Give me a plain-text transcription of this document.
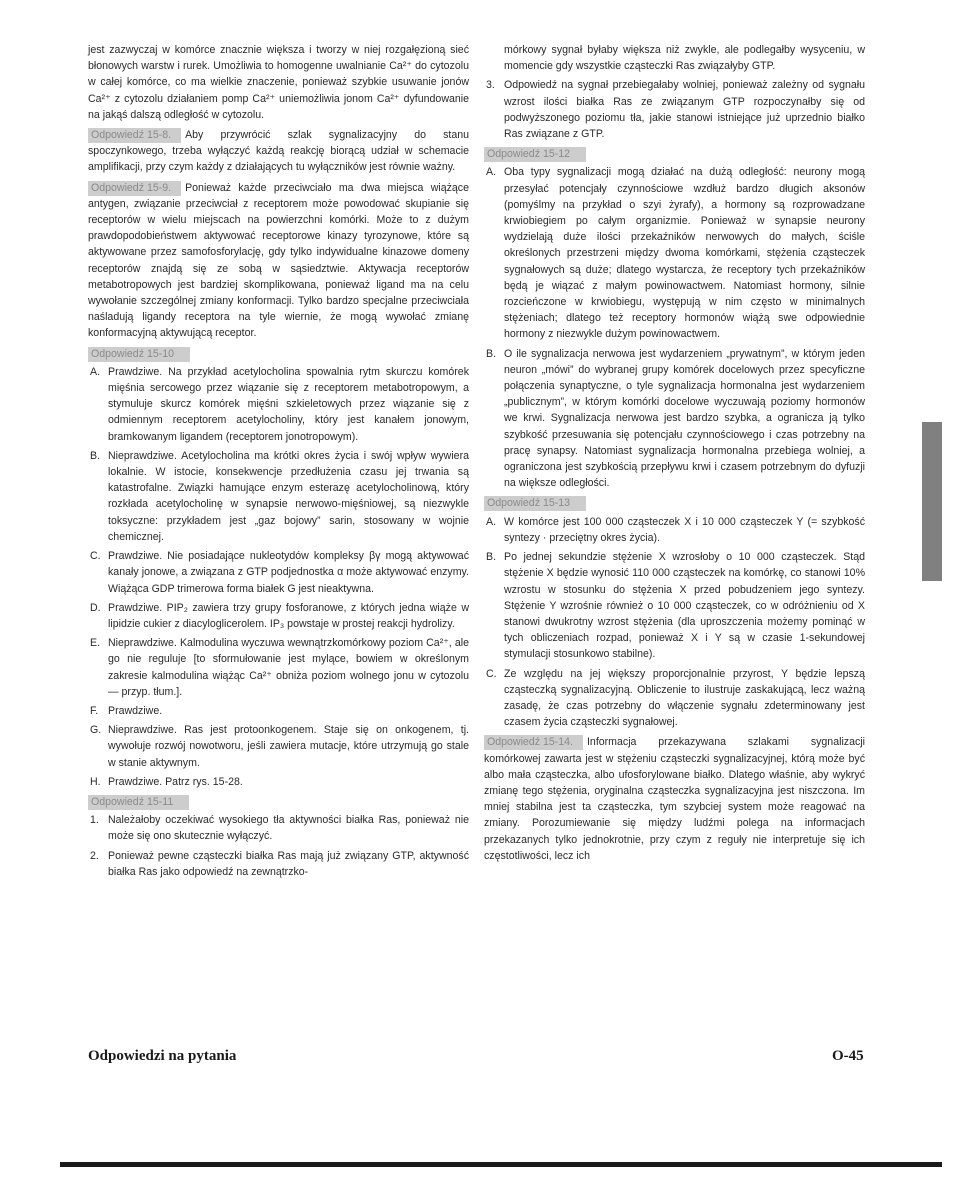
jest zazwyczaj w komórce znacznie większa i tworzy w niej rozgałęzioną sieć błonowych warstw i rurek. Umożliwia to homogenne uwalnianie Ca²⁺ do cytozolu w całej komórce, co ma wielkie znaczenie, ponieważ szybkie usuwanie jonów Ca²⁺ z cytozolu działaniem pomp Ca²⁺ uniemożliwia jonom Ca²⁺ dyfundowanie na jakąś dalszą odległość w cytozolu.

Odpowiedź 15-8. Aby przywrócić szlak sygnalizacyjny do stanu spoczynkowego, trzeba wyłączyć każdą reakcję biorącą udział w schemacie amplifikacji, przy czym każdy z działających tu wyłączników jest równie ważny.

Odpowiedź 15-9. Ponieważ każde przeciwciało ma dwa miejsca wiążące antygen, związanie przeciwciał z receptorem może powodować skupianie się receptorów w wielu miejscach na powierzchni komórki. Może to z dużym prawdopodobieństwem aktywować receptorowe kinazy tyrozynowe, które są aktywowane przez samofosforylację, gdy tylko indywidualne kinazowe domeny receptorów znajdą się ze sobą w sąsiedztwie. Aktywacja receptorów metabotropowych jest bardziej skomplikowana, ponieważ ligand ma na celu wywołanie szczególnej zmiany konformacji. Tylko bardzo specjalne przeciwciała naśladują ligandy receptora na tyle wiernie, że mogą wywołać zmianę konformacyjną aktywującą receptor.

Odpowiedź 15-10
A. Prawdziwe. Na przykład acetylocholina spowalnia rytm skurczu komórek mięśnia sercowego przez wiązanie się z receptorem metabotropowym, a stymuluje skurcz komórek mięśni szkieletowych przez wiązanie się z odmiennym receptorem acetylocholiny, który jest kanałem jonowym, bramkowanym ligandem (receptorem jonotropowym).
B. Nieprawdziwe. Acetylocholina ma krótki okres życia i swój wpływ wywiera lokalnie. W istocie, konsekwencje przedłużenia czasu jej trwania są katastrofalne. Związki hamujące enzym esterazę acetylocholinową, który rozkłada acetylocholinę w synapsie nerwowo-mięśniowej, są niezwykle toksyczne: przykładem jest „gaz bojowy” sarin, stosowany w wojnie chemicznej.
C. Prawdziwe. Nie posiadające nukleotydów kompleksy βγ mogą aktywować kanały jonowe, a związana z GTP podjednostka α może aktywować enzymy. Wiążąca GDP trimerowa forma białek G jest nieaktywna.
D. Prawdziwe. PIP₂ zawiera trzy grupy fosforanowe, z których jedna wiąże w lipidzie cukier z diacyloglicerolem. IP₃ powstaje w prostej reakcji hydrolizy.
E. Nieprawdziwe. Kalmodulina wyczuwa wewnątrzkomórkowy poziom Ca²⁺, ale go nie reguluje [to sformułowanie jest mylące, bowiem w określonym zakresie kalmodulina wiążąc Ca²⁺ obniża poziom wolnego jonu w cytozolu — przyp. tłum.].
F. Prawdziwe.
G. Nieprawdziwe. Ras jest protoonkogenem. Staje się on onkogenem, tj. wywołuje rozwój nowotworu, jeśli zawiera mutacje, które utrzymują go stale w stanie aktywnym.
H. Prawdziwe. Patrz rys. 15-28.
Odpowiedź 15-11
1. Należałoby oczekiwać wysokiego tła aktywności białka Ras, ponieważ nie może się ono skutecznie wyłączyć.
2. Ponieważ pewne cząsteczki białka Ras mają już związany GTP, aktywność białka Ras jako odpowiedź na zewnątrzko-
mórkowy sygnał byłaby większa niż zwykle, ale podlegałby wysyceniu, w momencie gdy wszystkie cząsteczki Ras związałyby GTP.
3. Odpowiedź na sygnał przebiegałaby wolniej, ponieważ zależny od sygnału wzrost ilości białka Ras ze związanym GTP rozpoczynałby się od podwyższonego poziomu tła, jakie stanowi istniejące już uprzednio białko Ras związane z GTP.
Odpowiedź 15-12
A. Oba typy sygnalizacji mogą działać na dużą odległość: neurony mogą przesyłać potencjały czynnościowe wzdłuż bardzo długich aksonów (pomyślmy na przykład o szyi żyrafy), a hormony są rozprowadzane krwiobiegiem po całym organizmie. Ponieważ w synapsie neurony wydzielają duże ilości przekaźników nerwowych do małych, ściśle określonych przestrzeni między dwoma komórkami, stężenia cząsteczek sygnałowych są duże; dlatego wystarcza, że receptory tych przekaźników będą je wiązać z małym powinowactwem. Natomiast hormony, silnie rozcieńczone w krwiobiegu, występują w nim często w minimalnych stężeniach; dlatego też receptory hormonów wiążą swe odpowiednie hormony z niezwykle dużym powinowactwem.
B. O ile sygnalizacja nerwowa jest wydarzeniem „prywatnym”, w którym jeden neuron „mówi” do wybranej grupy komórek docelowych przez specyficzne połączenia synaptyczne, o tyle sygnalizacja hormonalna jest wydarzeniem „publicznym”, w którym komórki docelowe wyczuwają poziomy hormonów we krwi. Sygnalizacja nerwowa jest bardzo szybka, a ogranicza ją tylko szybkość przesuwania się potencjału czynnościowego i czas potrzebny na pracę synapsy. Natomiast sygnalizacja hormonalna przebiega wolniej, a ograniczona jest szybkością przepływu krwi i czasem potrzebnym do dyfuzji na większe odległości.
Odpowiedź 15-13
A. W komórce jest 100 000 cząsteczek X i 10 000 cząsteczek Y (= szybkość syntezy · przeciętny okres życia).
B. Po jednej sekundzie stężenie X wzrosłoby o 10 000 cząsteczek. Stąd stężenie X będzie wynosić 110 000 cząsteczek na komórkę, co stanowi 10% wzrostu w stosunku do stężenia X przed pobudzeniem jego syntezy. Stężenie Y wzrośnie również o 10 000 cząsteczek, co w odróżnieniu od X stanowi dwukrotny wzrost stężenia (dla uproszczenia możemy pominąć w tych obliczeniach rozpad, ponieważ X i Y są w czasie 1-sekundowej stymulacji stosunkowo stabilne).
C. Ze względu na jej większy proporcjonalnie przyrost, Y będzie lepszą cząsteczką sygnalizacyjną. Obliczenie to ilustruje zaskakującą, lecz ważną zasadę, że czas potrzebny do włączenie sygnału zdeterminowany jest czasem życia cząsteczki sygnałowej.

Odpowiedź 15-14. Informacja przekazywana szlakami sygnalizacji komórkowej zawarta jest w stężeniu cząsteczki sygnalizacyjnej, którą może być albo mała cząsteczka, albo ufosforylowane białko. Dlatego właśnie, aby wykryć zmianę tego stężenia, oryginalna cząsteczka sygnalizacyjna jest niszczona. Im mniej stabilna jest ta cząsteczka, tym szybciej system może reagować na zmiany. Porozumiewanie się między ludźmi polega na informacjach przekazanych tylko jednokrotnie, przy czym z reguły nie interpretuje się ich częstotliwości, lecz ich

Odpowiedzi na pytania	O-45
